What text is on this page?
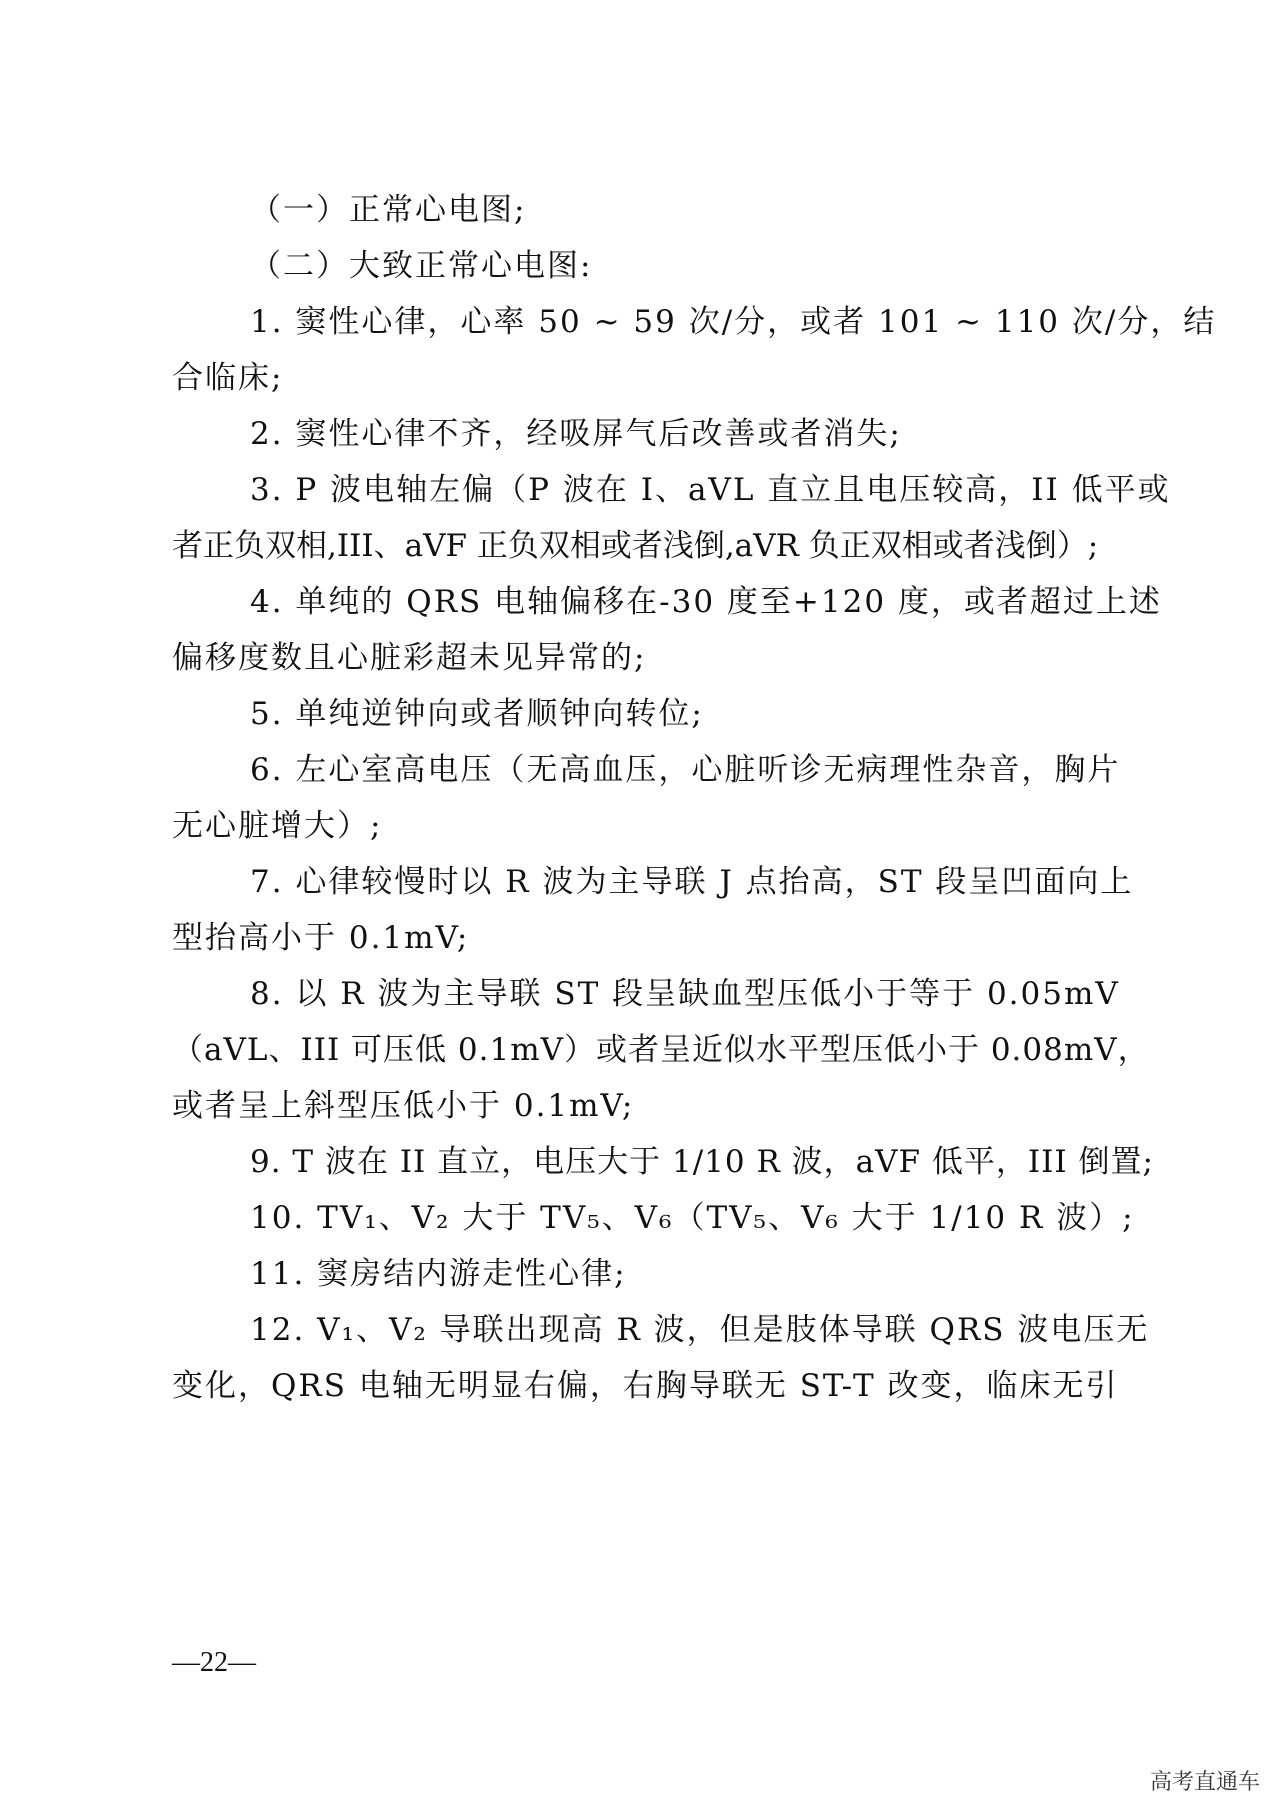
（一）正常心电图;
（二）大致正常心电图:
1. 窦性心律，心率 50 ~ 59 次/分，或者 101 ~ 110 次/分，结
合临床;
2. 窦性心律不齐，经吸屏气后改善或者消失;
3. P 波电轴左偏（P 波在 I、aVL 直立且电压较高，II 低平或
者正负双相,III、aVF 正负双相或者浅倒,aVR 负正双相或者浅倒）;
4. 单纯的 QRS 电轴偏移在-30 度至+120 度，或者超过上述
偏移度数且心脏彩超未见异常的;
5. 单纯逆钟向或者顺钟向转位;
6. 左心室高电压（无高血压，心脏听诊无病理性杂音，胸片
无心脏增大）;
7. 心律较慢时以 R 波为主导联 J 点抬高，ST 段呈凹面向上
型抬高小于 0.1mV;
8. 以 R 波为主导联 ST 段呈缺血型压低小于等于 0.05mV
（aVL、III 可压低 0.1mV）或者呈近似水平型压低小于 0.08mV，
或者呈上斜型压低小于 0.1mV;
9. T 波在 II 直立，电压大于 1/10 R 波，aVF 低平，III 倒置;
10. TV₁、V₂ 大于 TV₅、V₆（TV₅、V₆ 大于 1/10 R 波）;
11. 窦房结内游走性心律;
12. V₁、V₂ 导联出现高 R 波，但是肢体导联 QRS 波电压无
变化，QRS 电轴无明显右偏，右胸导联无 ST-T 改变，临床无引
—22—
高考直通车
